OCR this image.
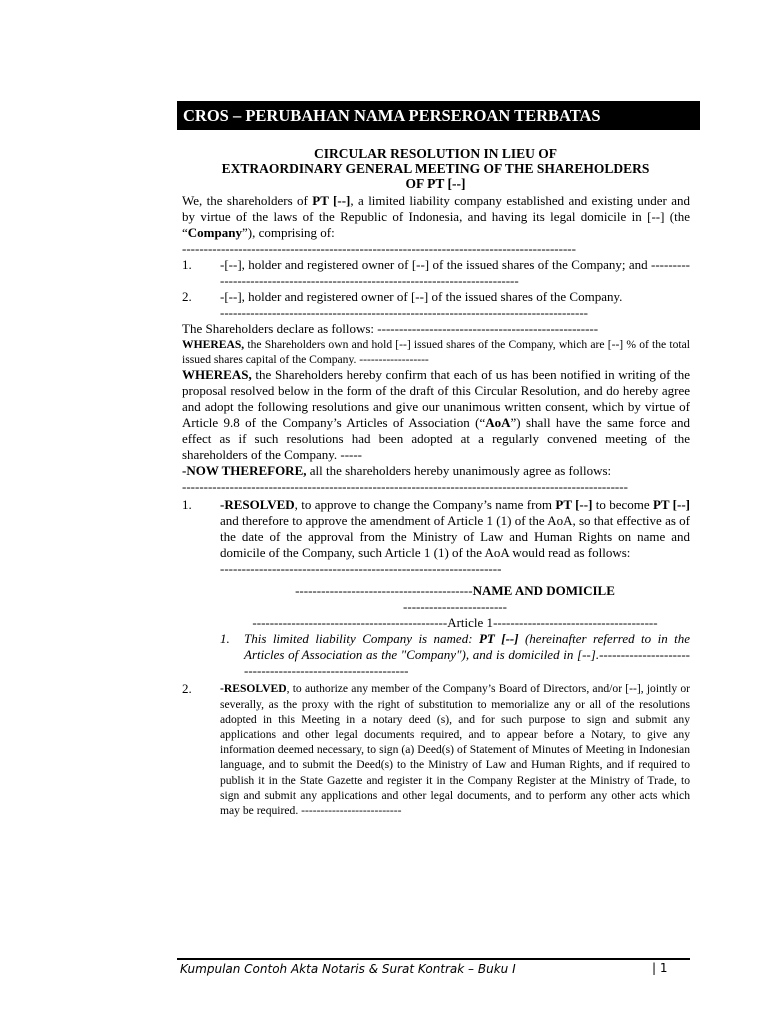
CROS – PERUBAHAN NAMA PERSEROAN TERBATAS
CIRCULAR RESOLUTION IN LIEU OF
EXTRAORDINARY GENERAL MEETING OF THE SHAREHOLDERS
OF PT [--]

We, the shareholders of PT [--], a limited liability company established and existing under and by virtue of the laws of the Republic of Indonesia, and having its legal domicile in [--] (the “Company”), comprising of:

-------------------------------------------------------------------------------------------
1.	-[--], holder and registered owner of [--] of the issued shares of the Company; and ------------------------------------------------------------------------------
2.	-[--], holder and registered owner of [--] of the issued shares of the Company.
-------------------------------------------------------------------------------------
The Shareholders declare as follows: ---------------------------------------------------

WHEREAS, the Shareholders own and hold [--] issued shares of the Company, which are [--] % of the total issued shares capital of the Company. ------------------

WHEREAS, the Shareholders hereby confirm that each of us has been notified in writing of the proposal resolved below in the form of the draft of this Circular Resolution, and do hereby agree and adopt the following resolutions and give our unanimous written consent, which by virtue of Article 9.8 of the Company’s Articles of Association (“AoA”) shall have the same force and effect as if such resolutions had been adopted at a regularly convened meeting of the shareholders of the Company. -----

-NOW THEREFORE, all the shareholders hereby unanimously agree as follows:
-------------------------------------------------------------------------------------------------------
1.	-RESOLVED, to approve to change the Company’s name from PT [--] to become PT [--] and therefore to approve the amendment of Article 1 (1) of the AoA, so that effective as of the date of the approval from the Ministry of Law and Human Rights on name and domicile of the Company, such Article 1 (1) of the AoA would read as follows:

-----------------------------------------------------------------
-----------------------------------------NAME AND DOMICILE
------------------------
---------------------------------------------Article 1--------------------------------------
1.	This limited liability Company is named: PT [--] (hereinafter referred to in the Articles of Association as the "Company"), and is domiciled in [--].-----------------------------------------------------------
2.	-RESOLVED, to authorize any member of the Company’s Board of Directors, and/or [--], jointly or severally, as the proxy with the right of substitution to memorialize any or all of the resolutions adopted in this Meeting in a notary deed (s), and for such purpose to sign and submit any applications and other legal documents required, and to appear before a Notary, to give any information deemed necessary, to sign (a) Deed(s) of Statement of Minutes of Meeting in Indonesian language, and to submit the Deed(s) to the Ministry of Law and Human Rights, and if required to publish it in the State Gazette and register it in the Company Register at the Ministry of Trade, to sign and submit any applications and other legal documents, and to perform any other acts which may be required. --------------------------

Kumpulan Contoh Akta Notaris & Surat Kontrak – Buku I	| 1
